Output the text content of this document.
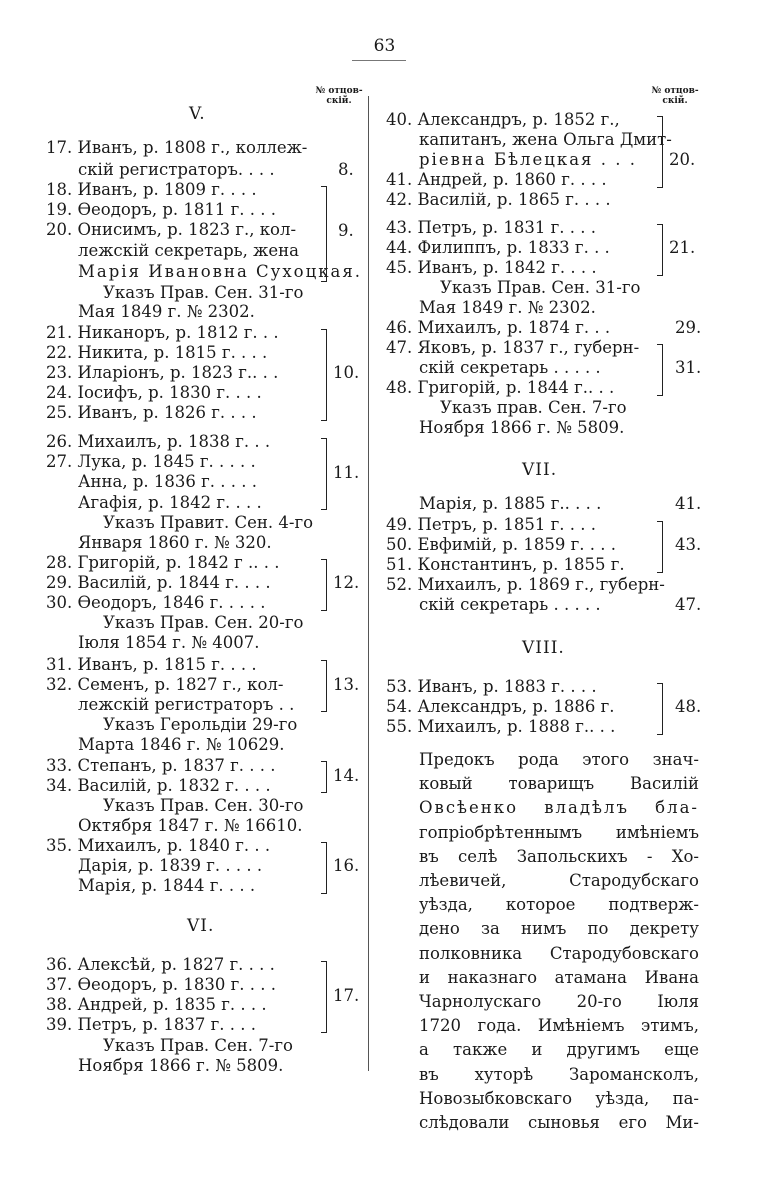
63
№ отцов-
скій.
№ отцов-
скій.
V.
17. Иванъ, р. 1808 г., коллеж-
скій регистраторъ. . . .
18. Иванъ, р. 1809 г. . . .
19. Ѳеодоръ, р. 1811 г. . . .
20. Онисимъ, р. 1823 г., кол-
лежскій секретарь, жена
Марія Ивановна Сухоцкая.
Указъ Прав. Сен. 31-го
Мая 1849 г. № 2302.
21. Никаноръ, р. 1812 г. . .
22. Никита, р. 1815 г. . . .
23. Иларіонъ, р. 1823 г.. . .
24. Іосифъ, р. 1830 г. . . .
25. Иванъ, р. 1826 г. . . .
26. Михаилъ, р. 1838 г. . .
27. Лука, р. 1845 г. . . . .
Анна, р. 1836 г. . . . .
Агафія, р. 1842 г. . . .
Указъ Правит. Сен. 4-го
Января 1860 г. № 320.
28. Григорій, р. 1842 г .. . .
29. Василій, р. 1844 г. . . .
30. Ѳеодоръ, 1846 г. . . . .
Указъ Прав. Сен. 20-го
Іюля 1854 г. № 4007.
31. Иванъ, р. 1815 г. . . .
32. Семенъ, р. 1827 г., кол-
лежскій регистраторъ . .
Указъ Герольдіи 29-го
Марта 1846 г. № 10629.
33. Степанъ, р. 1837 г. . . .
34. Василій, р. 1832 г. . . .
Указъ Прав. Сен. 30-го
Октября 1847 г. № 16610.
35. Михаилъ, р. 1840 г. . .
Дарія, р. 1839 г. . . . .
Марія, р. 1844 г. . . .
VI.
36. Алексѣй, р. 1827 г. . . .
37. Ѳеодоръ, р. 1830 г. . . .
38. Андрей, р. 1835 г. . . .
39. Петръ, р. 1837 г. . . .
Указъ Прав. Сен. 7-го
Ноября 1866 г. № 5809.
8.
9.
10.
11.
12.
13.
14.
16.
17.
40. Александръ, р. 1852 г.,
капитанъ, жена Ольга Дмит-
ріевна Бѣлецкая . . .
41. Андрей, р. 1860 г. . . .
42. Василій, р. 1865 г. . . .
43. Петръ, р. 1831 г. . . .
44. Филиппъ, р. 1833 г. . .
45. Иванъ, р. 1842 г. . . .
Указъ Прав. Сен. 31-го
Мая 1849 г. № 2302.
46. Михаилъ, р. 1874 г. . .
47. Яковъ, р. 1837 г., губерн-
скій секретарь . . . . .
48. Григорій, р. 1844 г.. . .
Указъ прав. Сен. 7-го
Ноября 1866 г. № 5809.
VII.
Марія, р. 1885 г.. . . .
49. Петръ, р. 1851 г. . . .
50. Евфимій, р. 1859 г. . . .
51. Константинъ, р. 1855 г.
52. Михаилъ, р. 1869 г., губерн-
скій секретарь . . . . .
VIII.
53. Иванъ, р. 1883 г. . . .
54. Александръ, р. 1886 г.
55. Михаилъ, р. 1888 г.. . .
20.
21.
29.
31.
41.
43.
47.
48.
Предокъ рода этого знач-
ковый товарищъ Василій
Овсѣенко владѣлъ бла-
гопріобрѣтеннымъ имѣніемъ
въ селѣ Запольскихъ - Хо-
лѣевичей, Стародубскаго
уѣзда, которое подтверж-
дено за нимъ по декрету
полковника Стародубовскаго
и наказнаго атамана Ивана
Чарнолускаго 20-го Іюля
1720 года. Имѣніемъ этимъ,
а также и другимъ еще
въ хуторѣ Заромансколъ,
Новозыбковскаго уѣзда, па-
слѣдовали сыновья его Ми-
